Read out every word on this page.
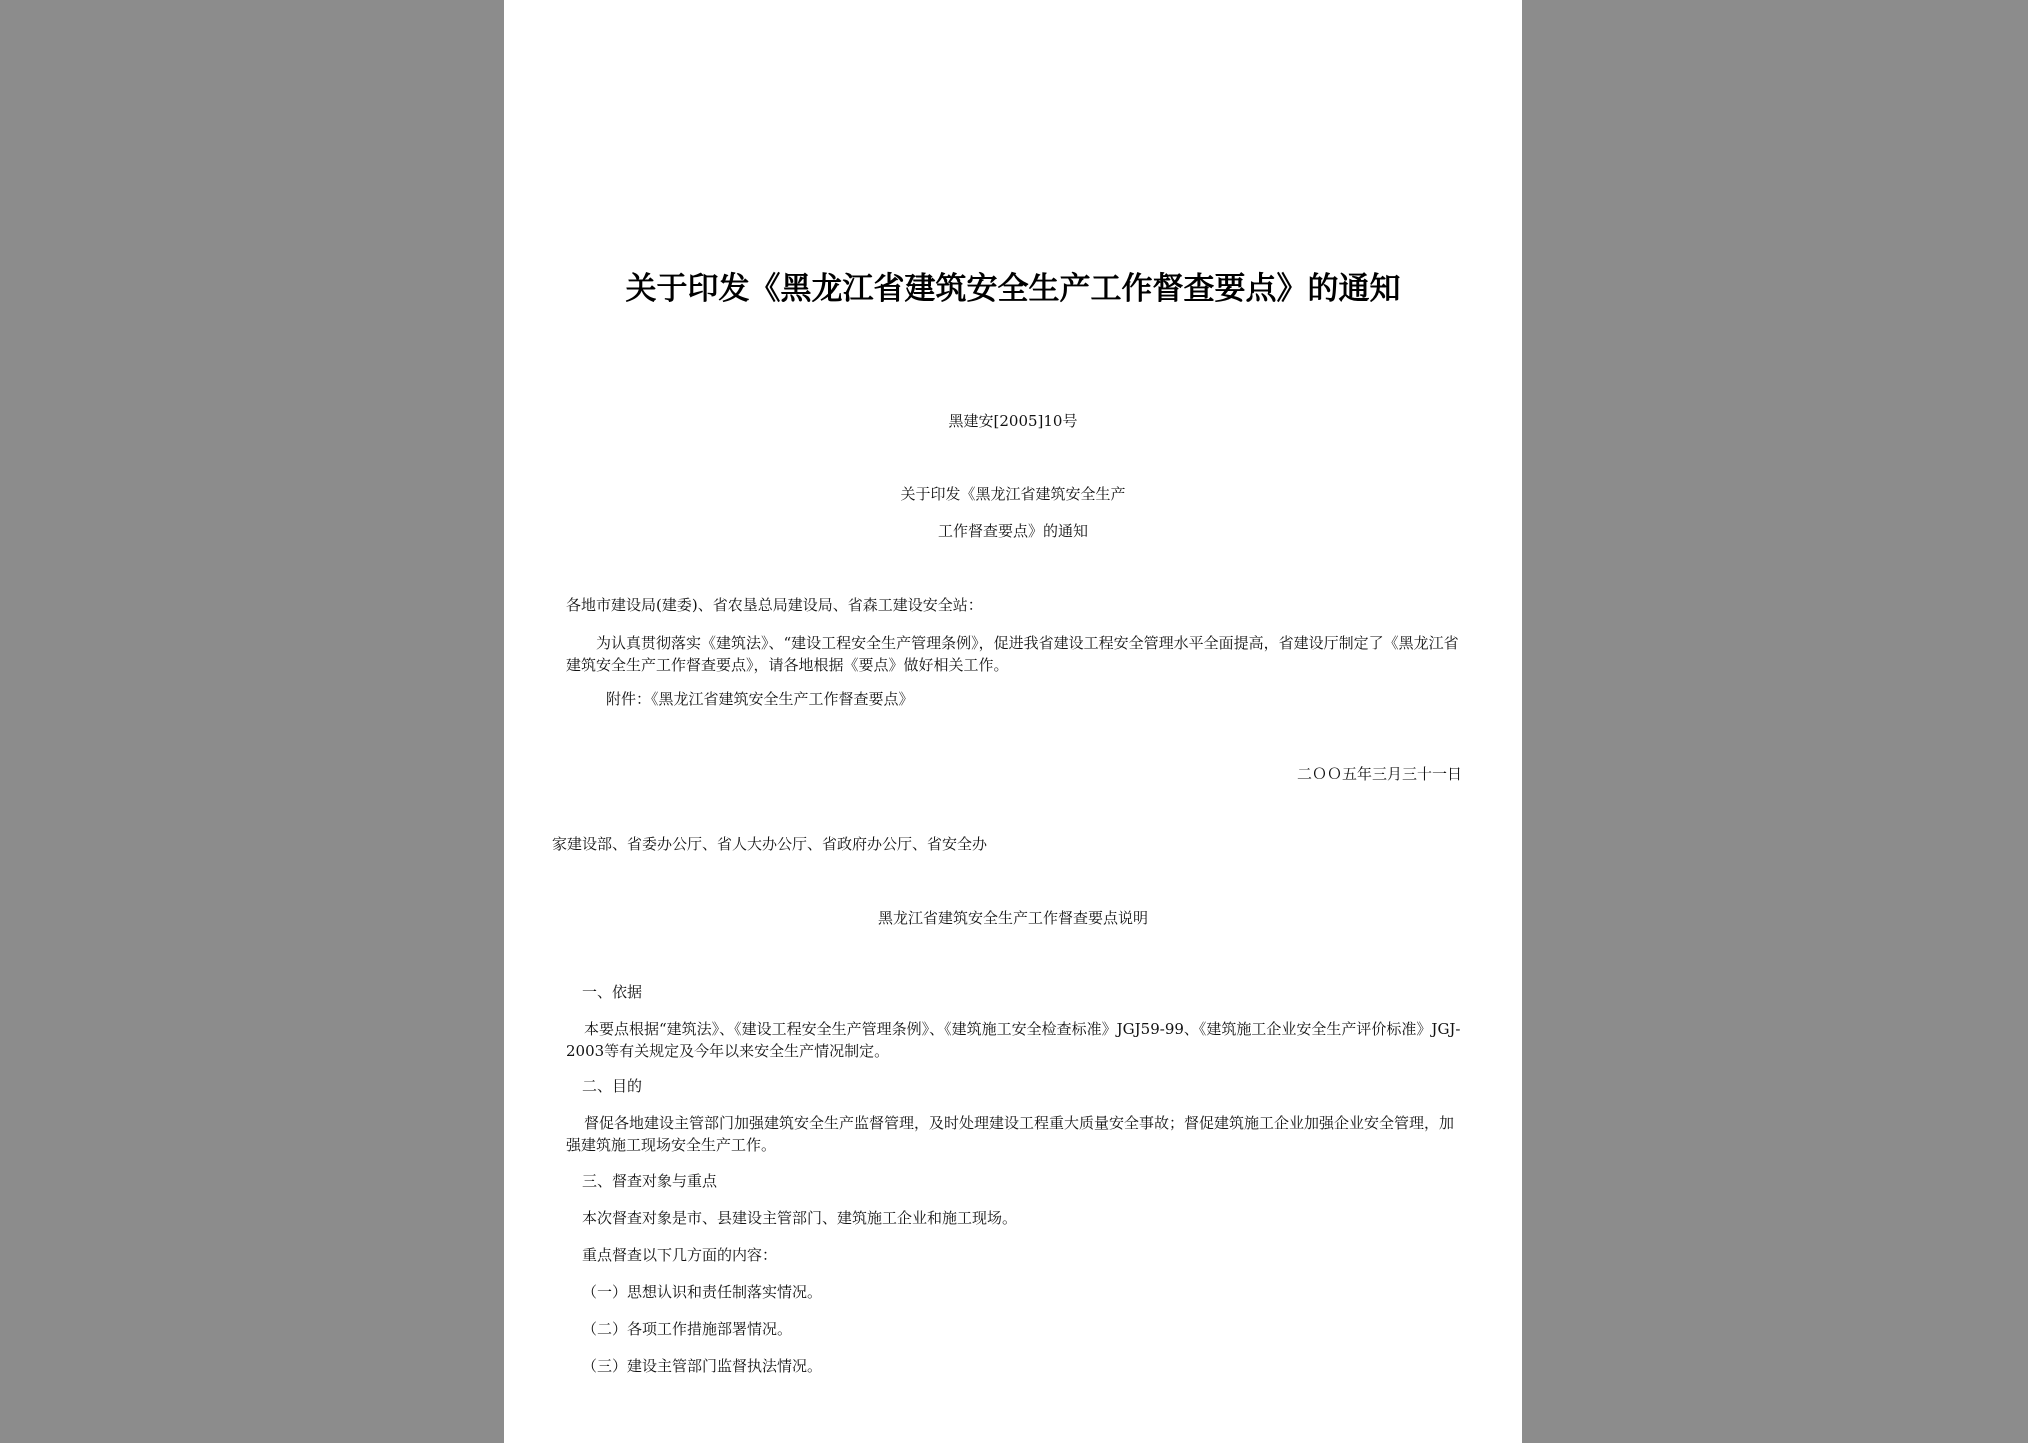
关于印发《黑龙江省建筑安全生产工作督查要点》的通知
黑建安[2005]10号
关于印发《黑龙江省建筑安全生产
工作督查要点》的通知
各地市建设局(建委)、省农垦总局建设局、省森工建设安全站：
为认真贯彻落实《建筑法》、“建设工程安全生产管理条例》，促进我省建设工程安全管理水平全面提高，省建设厅制定了《黑龙江省建筑安全生产工作督查要点》，请各地根据《要点》做好相关工作。
附件：《黑龙江省建筑安全生产工作督查要点》
二ＯＯ五年三月三十一日
家建设部、省委办公厅、省人大办公厅、省政府办公厅、省安全办
黑龙江省建筑安全生产工作督查要点说明
一、依据
本要点根据“建筑法》、《建设工程安全生产管理条例》、《建筑施工安全检查标准》JGJ59-99、《建筑施工企业安全生产评价标准》JGJ-2003等有关规定及今年以来安全生产情况制定。
二、目的
督促各地建设主管部门加强建筑安全生产监督管理，及时处理建设工程重大质量安全事故；督促建筑施工企业加强企业安全管理，加强建筑施工现场安全生产工作。
三、督查对象与重点
本次督查对象是市、县建设主管部门、建筑施工企业和施工现场。
重点督查以下几方面的内容：
（一）思想认识和责任制落实情况。
（二）各项工作措施部署情况。
（三）建设主管部门监督执法情况。
